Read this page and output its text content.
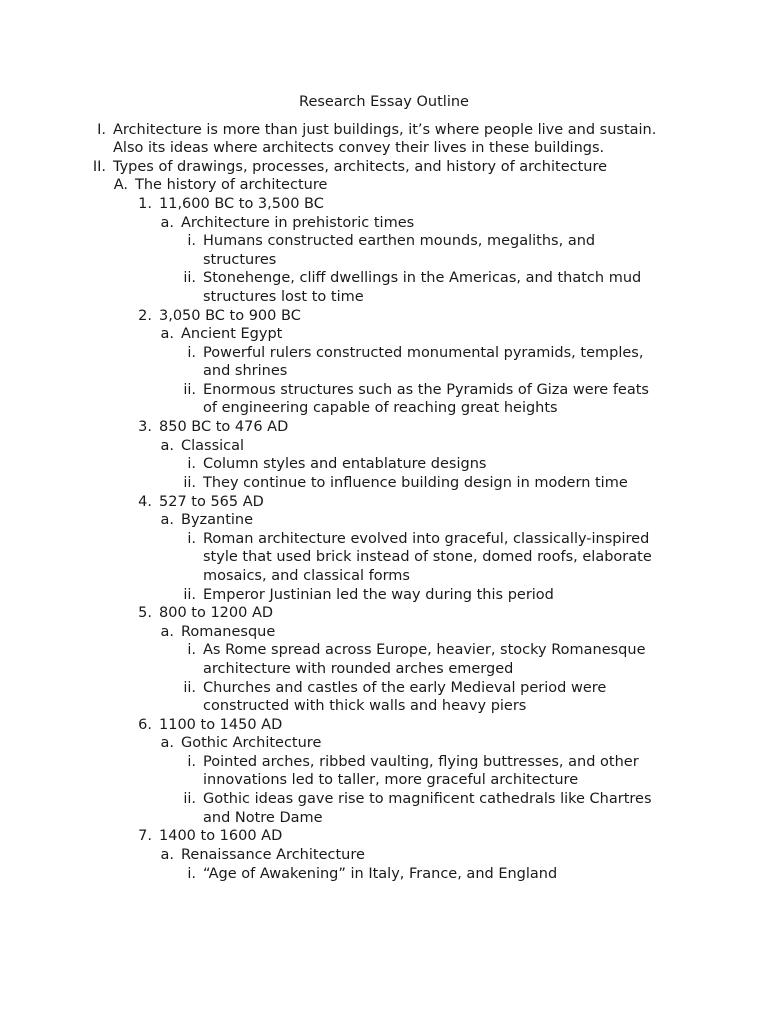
Research Essay Outline
I. Architecture is more than just buildings, it’s where people live and sustain.
Also its ideas where architects convey their lives in these buildings.
II. Types of drawings, processes, architects, and history of architecture
A. The history of architecture
1. 11,600 BC to 3,500 BC
a. Architecture in prehistoric times
i. Humans constructed earthen mounds, megaliths, and
structures
ii. Stonehenge, cliff dwellings in the Americas, and thatch mud
structures lost to time
2. 3,050 BC to 900 BC
a. Ancient Egypt
i. Powerful rulers constructed monumental pyramids, temples,
and shrines
ii. Enormous structures such as the Pyramids of Giza were feats
of engineering capable of reaching great heights
3. 850 BC to 476 AD
a. Classical
i. Column styles and entablature designs
ii. They continue to influence building design in modern time
4. 527 to 565 AD
a. Byzantine
i. Roman architecture evolved into graceful, classically-inspired
style that used brick instead of stone, domed roofs, elaborate
mosaics, and classical forms
ii. Emperor Justinian led the way during this period
5. 800 to 1200 AD
a. Romanesque
i. As Rome spread across Europe, heavier, stocky Romanesque
architecture with rounded arches emerged
ii. Churches and castles of the early Medieval period were
constructed with thick walls and heavy piers
6. 1100 to 1450 AD
a. Gothic Architecture
i. Pointed arches, ribbed vaulting, flying buttresses, and other
innovations led to taller, more graceful architecture
ii. Gothic ideas gave rise to magnificent cathedrals like Chartres
and Notre Dame
7. 1400 to 1600 AD
a. Renaissance Architecture
i. “Age of Awakening” in Italy, France, and England
